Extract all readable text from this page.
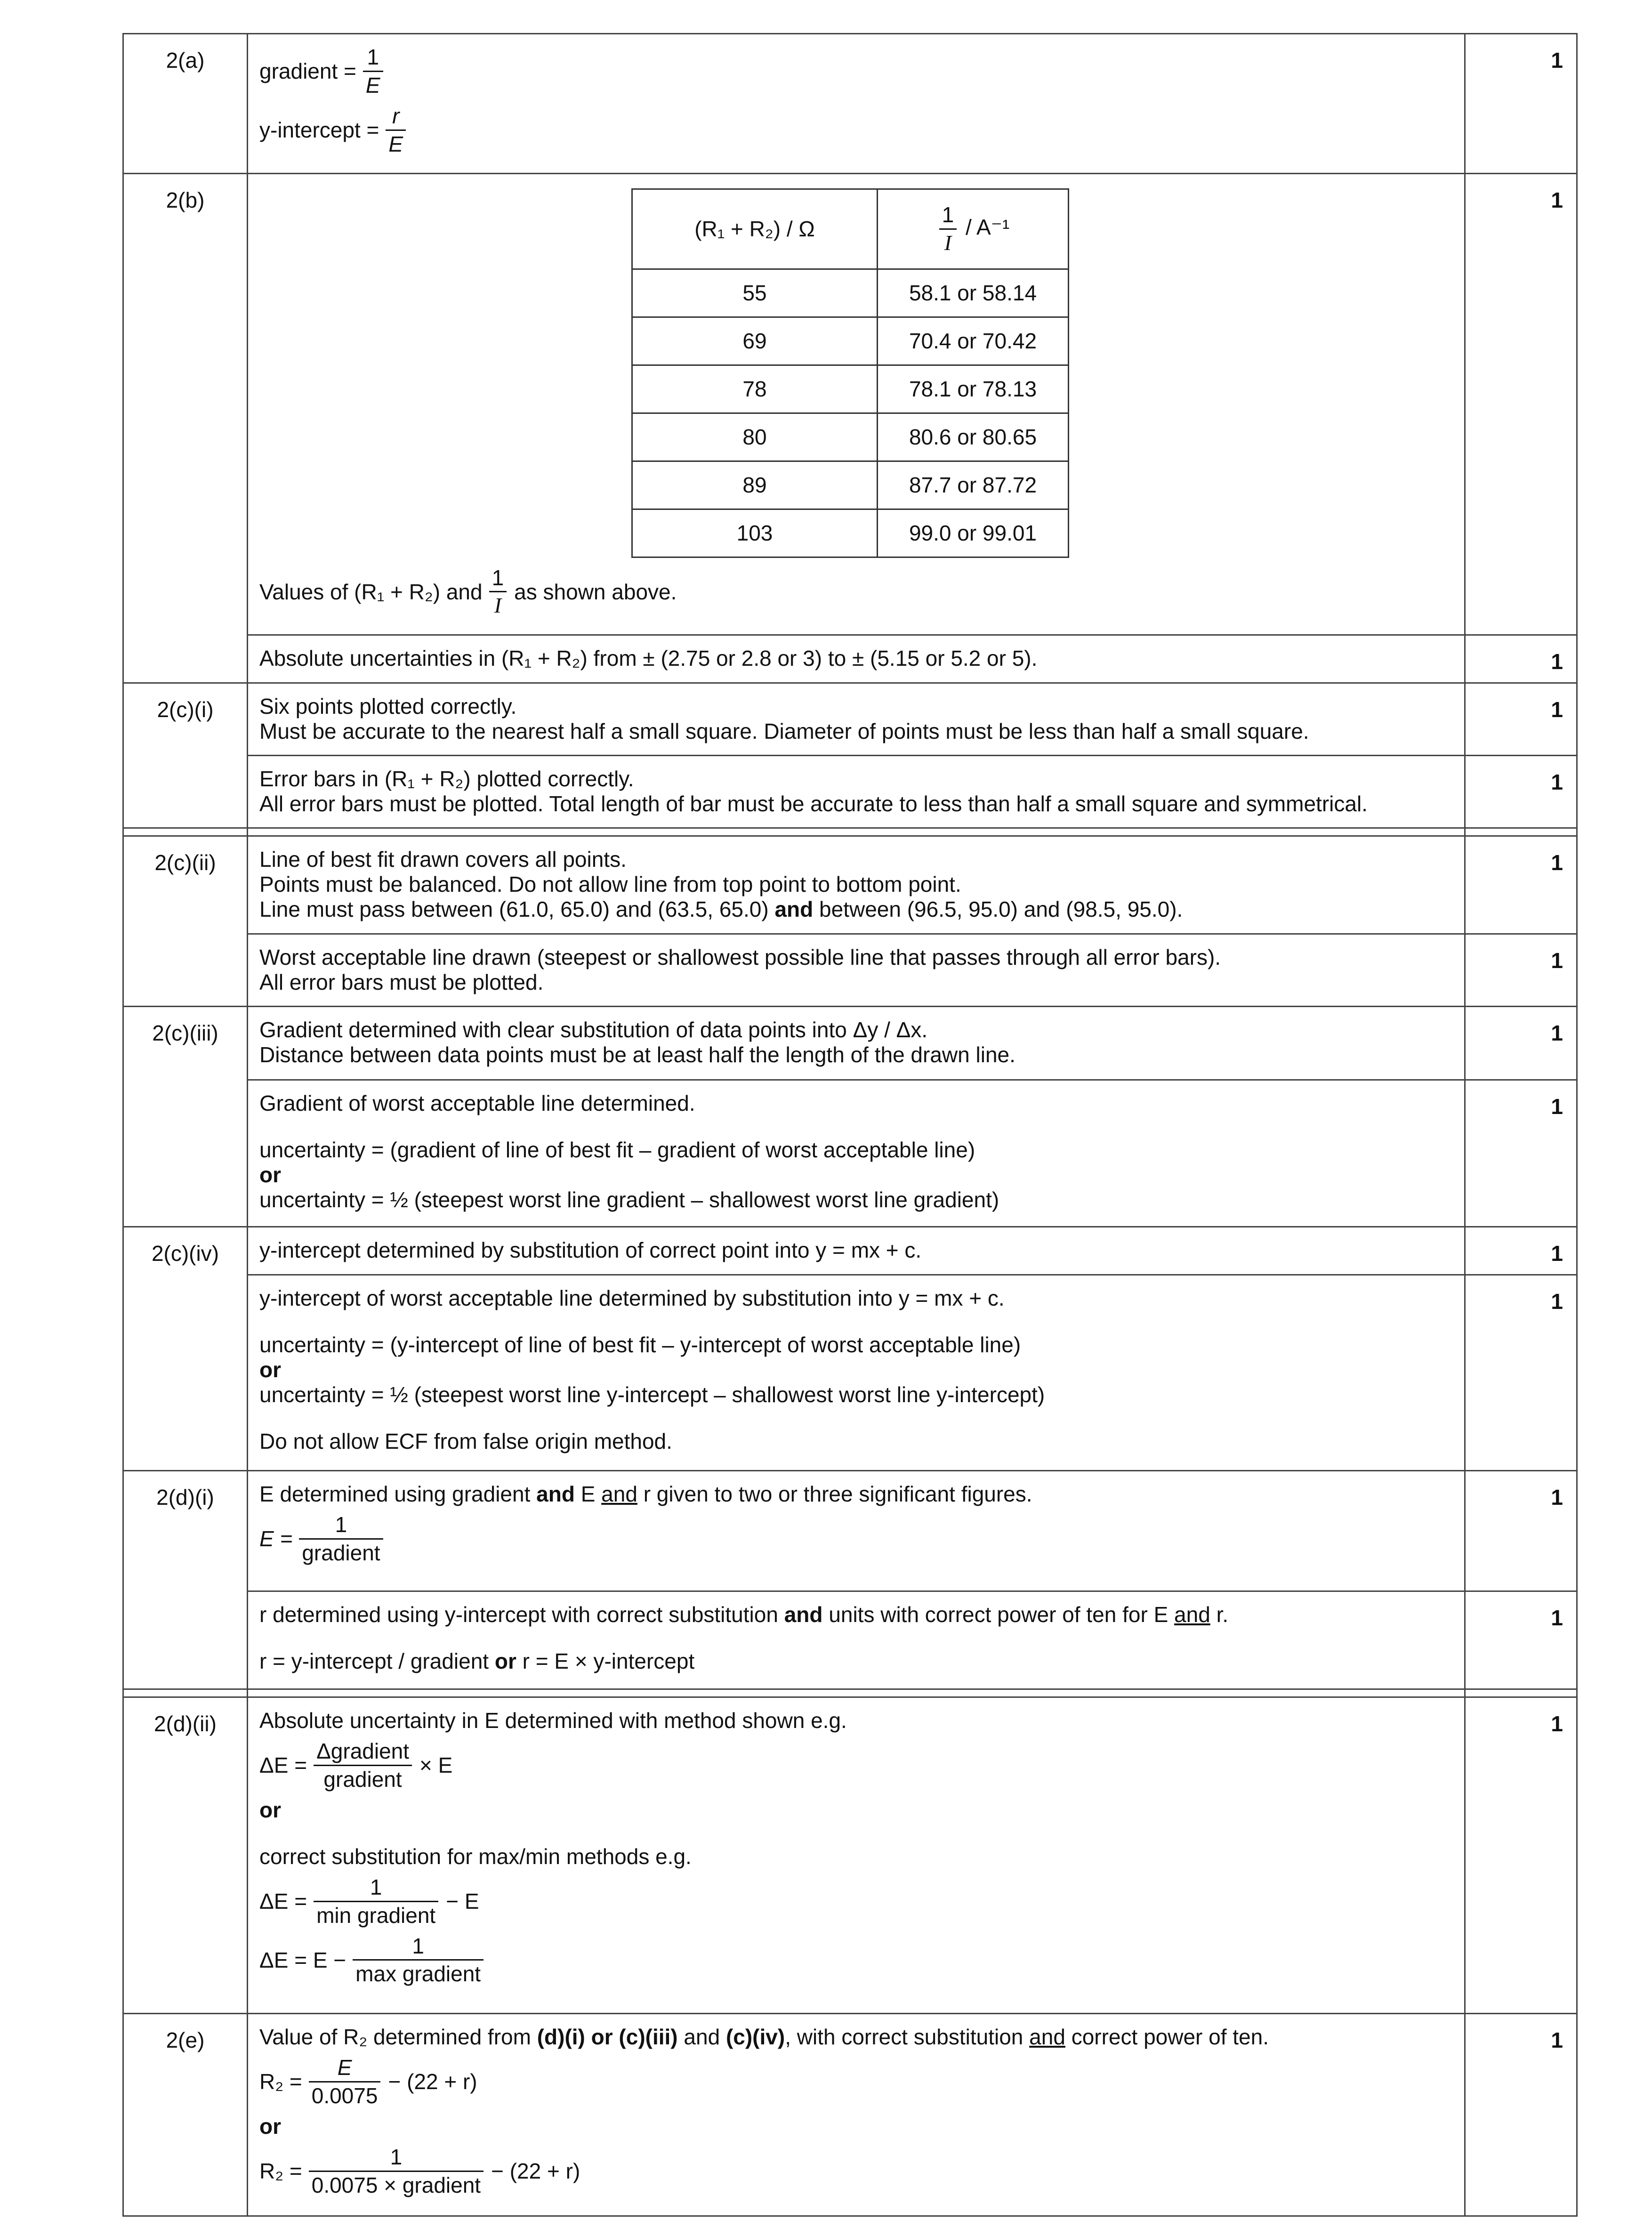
2(a)	gradient = $\frac{1}{E}$
y-intercept = $\frac{r}{E}$
	1
2(b)	
(R₁ + R₂) / Ω	$\frac{1}{I} / A^{-1}$
55	58.1 or 58.14
69	70.4 or 70.42
78	78.1 or 78.13
80	80.6 or 80.65
89	87.7 or 87.72
103	99.0 or 99.01
Values of (R₁ + R₂) and $\frac{1}{I}$ as shown above.
	1
Absolute uncertainties in (R₁ + R₂) from ± (2.75 or 2.8 or 3) to ± (5.15 or 5.2 or 5).	1
2(c)(i)	Six points plotted correctly.
Must be accurate to the nearest half a small square. Diameter of points must be less than half a small square.
	1

Error bars in (R₁ + R₂) plotted correctly.
All error bars must be plotted. Total length of bar must be accurate to less than half a small square and symmetrical.
	1

2(c)(ii)	Line of best fit drawn covers all points.
Points must be balanced. Do not allow line from top point to bottom point.
Line must pass between (61.0, 65.0) and (63.5, 65.0) and between (96.5, 95.0) and (98.5, 95.0).
	1

Worst acceptable line drawn (steepest or shallowest possible line that passes through all error bars).
All error bars must be plotted.
	1
2(c)(iii)	Gradient determined with clear substitution of data points into Δy / Δx.
Distance between data points must be at least half the length of the drawn line.
	1

Gradient of worst acceptable line determined.
uncertainty = (gradient of line of best fit – gradient of worst acceptable line)
or
uncertainty = ½ (steepest worst line gradient – shallowest worst line gradient)
	1
2(c)(iv)	y-intercept determined by substitution of correct point into y = mx + c.	1

y-intercept of worst acceptable line determined by substitution into y = mx + c.
uncertainty = (y-intercept of line of best fit – y-intercept of worst acceptable line)
or
uncertainty = ½ (steepest worst line y-intercept – shallowest worst line y-intercept)
Do not allow ECF from false origin method.
	1
2(d)(i)	E determined using gradient and E and r given to two or three significant figures.
$E = \frac{1}{\text{gradient}}$
	1

r determined using y-intercept with correct substitution and units with correct power of ten for E and r.
r = y-intercept / gradient or r = E × y-intercept
	1

2(d)(ii)	Absolute uncertainty in E determined with method shown e.g.
$\Delta E = \frac{\text{Δgradient}}{\text{gradient}} \times E$
or
correct substitution for max/min methods e.g.
$\Delta E = \frac{1}{\text{min gradient}} - E$
$\Delta E = E - \frac{1}{\text{max gradient}}$
	1
2(e)	Value of R₂ determined from (d)(i) or (c)(iii) and (c)(iv), with correct substitution and correct power of ten.
$R_2 = \frac{E}{0.0075} - (22 + r)$
or
$R_2 = \frac{1}{\text{0.0075 × gradient}} - (22 + r)$
	1
